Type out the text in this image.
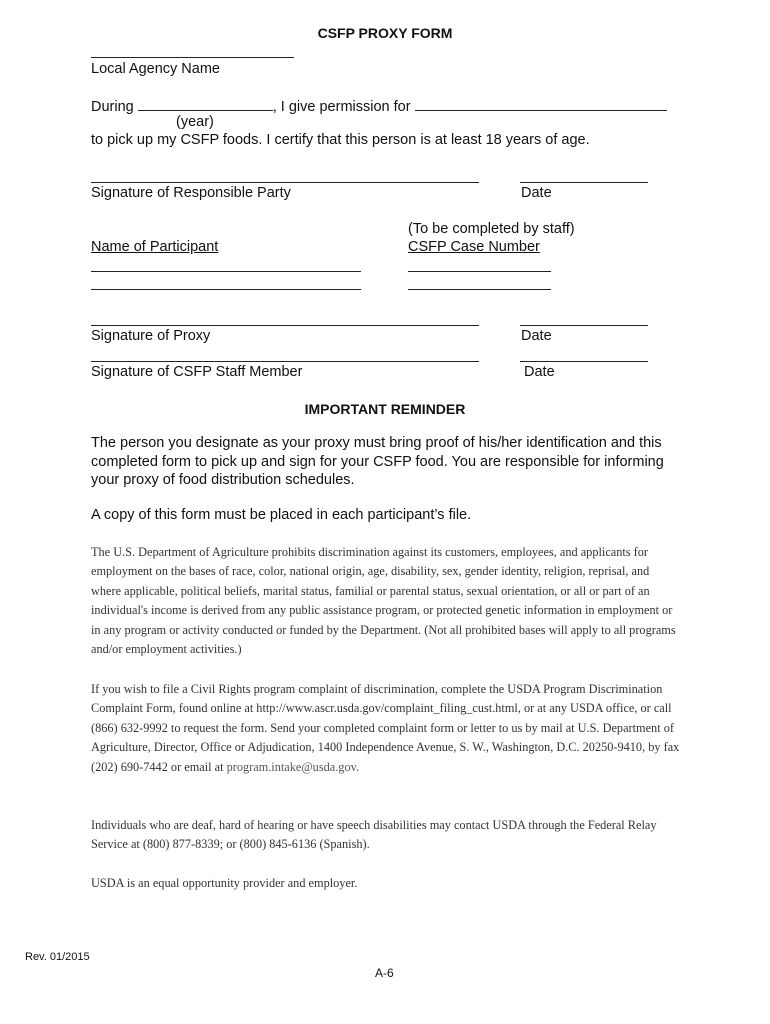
CSFP PROXY FORM
Local Agency Name
During	, I give permission for
(year)
to pick up my CSFP foods. I certify that this person is at least 18 years of age.
Signature of Responsible Party	Date
(To be completed by staff)
Name of Participant	CSFP Case Number
Signature of Proxy	Date
Signature of CSFP Staff Member	Date
IMPORTANT REMINDER
The person you designate as your proxy must bring proof of his/her identification and this completed form to pick up and sign for your CSFP food. You are responsible for informing your proxy of food distribution schedules.
A copy of this form must be placed in each participant’s file.
The U.S. Department of Agriculture prohibits discrimination against its customers, employees, and applicants for employment on the bases of race, color, national origin, age, disability, sex, gender identity, religion, reprisal, and where applicable, political beliefs, marital status, familial or parental status, sexual orientation, or all or part of an individual's income is derived from any public assistance program, or protected genetic information in employment or in any program or activity conducted or funded by the Department. (Not all prohibited bases will apply to all programs and/or employment activities.)
If you wish to file a Civil Rights program complaint of discrimination, complete the USDA Program Discrimination Complaint Form, found online at http://www.ascr.usda.gov/complaint_filing_cust.html, or at any USDA office, or call (866) 632-9992 to request the form. Send your completed complaint form or letter to us by mail at U.S. Department of Agriculture, Director, Office or Adjudication, 1400 Independence Avenue, S. W., Washington, D.C. 20250-9410, by fax (202) 690-7442 or email at program.intake@usda.gov.
Individuals who are deaf, hard of hearing or have speech disabilities may contact USDA through the Federal Relay Service at (800) 877-8339; or (800) 845-6136 (Spanish).
USDA is an equal opportunity provider and employer.
Rev. 01/2015
A-6
